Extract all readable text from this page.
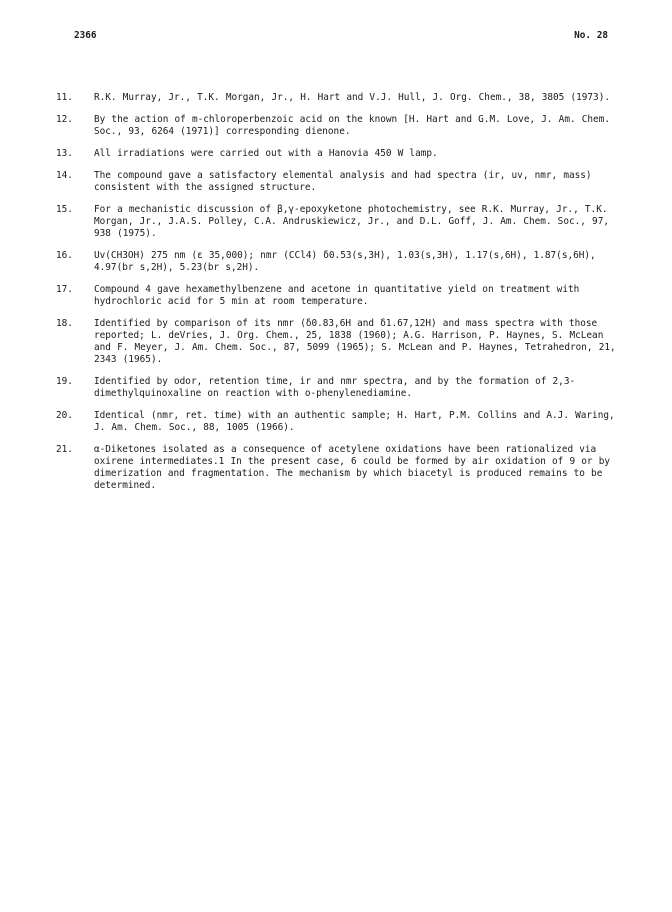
2366	No. 28
11.	R.K. Murray, Jr., T.K. Morgan, Jr., H. Hart and V.J. Hull, J. Org. Chem., 38, 3805 (1973).
12.	By the action of m-chloroperbenzoic acid on the known [H. Hart and G.M. Love, J. Am. Chem. Soc., 93, 6264 (1971)] corresponding dienone.
13.	All irradiations were carried out with a Hanovia 450 W lamp.
14.	The compound gave a satisfactory elemental analysis and had spectra (ir, uv, nmr, mass) consistent with the assigned structure.
15.	For a mechanistic discussion of β,γ-epoxyketone photochemistry, see R.K. Murray, Jr., T.K. Morgan, Jr., J.A.S. Polley, C.A. Andruskiewicz, Jr., and D.L. Goff, J. Am. Chem. Soc., 97, 938 (1975).
16.	Uv(CH3OH) 275 nm (ε 35,000); nmr (CCl4) δ0.53(s,3H), 1.03(s,3H), 1.17(s,6H), 1.87(s,6H), 4.97(br s,2H), 5.23(br s,2H).
17.	Compound 4 gave hexamethylbenzene and acetone in quantitative yield on treatment with hydrochloric acid for 5 min at room temperature.
18.	Identified by comparison of its nmr (δ0.83,6H and δ1.67,12H) and mass spectra with those reported; L. deVries, J. Org. Chem., 25, 1838 (1960); A.G. Harrison, P. Haynes, S. McLean and F. Meyer, J. Am. Chem. Soc., 87, 5099 (1965); S. McLean and P. Haynes, Tetrahedron, 21, 2343 (1965).
19.	Identified by odor, retention time, ir and nmr spectra, and by the formation of 2,3-dimethylquinoxaline on reaction with o-phenylenediamine.
20.	Identical (nmr, ret. time) with an authentic sample; H. Hart, P.M. Collins and A.J. Waring, J. Am. Chem. Soc., 88, 1005 (1966).
21.	α-Diketones isolated as a consequence of acetylene oxidations have been rationalized via oxirene intermediates.1 In the present case, 6 could be formed by air oxidation of 9 or by dimerization and fragmentation. The mechanism by which biacetyl is produced remains to be determined.
